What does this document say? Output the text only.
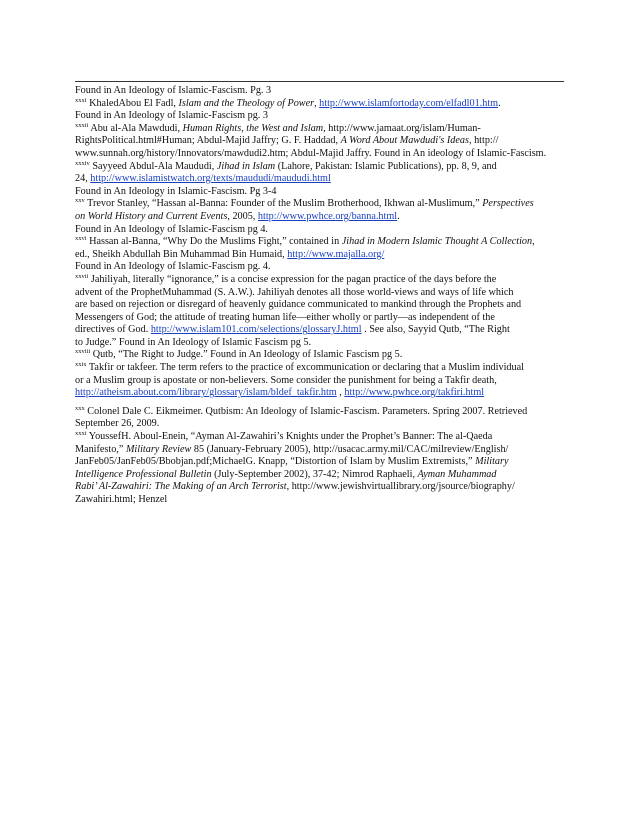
Found in An Ideology of Islamic-Fascism. Pg. 3

$^{xxxi}$ KhaledAbou El Fadl, Islam and the Theology of Power, http://www.islamfortoday.com/elfadl01.htm.

Found in An Ideology of Islamic-Fascism pg. 3

$^{xxxii}$ Abu al-Ala Mawdudi, Human Rights, the West and Islam, http://www.jamaat.org/islam/Human-
RightsPolitical.html#Human; Abdul-Majid Jaffry; G. F. Haddad, A Word About Mawdudi's Ideas, http://
www.sunnah.org/history/Innovators/mawdudi2.htm; Abdul-Majid Jaffry. Found in An ideology of Islamic-Fascism.

$^{xxxiv}$ Sayyeed Abdul-Ala Maududi, Jihad in Islam (Lahore, Pakistan: Islamic Publications), pp. 8, 9, and
24, http://www.islamistwatch.org/texts/maududi/maududi.html

Found in An Ideology in Islamic-Fascism. Pg 3-4

$^{xxv}$ Trevor Stanley, “Hassan al-Banna: Founder of the Muslim Brotherhood, Ikhwan al-Muslimum,” Perspectives
on World History and Current Events, 2005, http://www.pwhce.org/banna.html.

Found in An Ideology of Islamic-Fascism pg 4.

$^{xxvi}$ Hassan al-Banna, “Why Do the Muslims Fight,” contained in Jihad in Modern Islamic Thought A Collection,
ed., Sheikh Abdullah Bin Muhammad Bin Humaid, http://www.majalla.org/

Found in An Ideology of Islamic-Fascism pg. 4.

$^{xxvii}$ Jahiliyah, literally “ignorance,” is a concise expression for the pagan practice of the days before the
advent of the ProphetMuhammad (S. A.W.). Jahiliyah denotes all those world-views and ways of life which
are based on rejection or disregard of heavenly guidance communicated to mankind through the Prophets and
Messengers of God; the attitude of treating human life—either wholly or partly—as independent of the
directives of God. http://www.islam101.com/selections/glossaryJ.html . See also, Sayyid Qutb, “The Right
to Judge.” Found in An Ideology of Islamic Fascism pg 5.

$^{xxviii}$ Qutb, “The Right to Judge.” Found in An Ideology of Islamic Fascism pg 5.

$^{xxix}$ Takfir or takfeer. The term refers to the practice of excommunication or declaring that a Muslim individual
or a Muslim group is apostate or non-believers. Some consider the punishment for being a Takfir death,
http://atheism.about.com/library/glossary/islam/bldef_takfir.htm , http://www.pwhce.org/takfiri.html

$^{xxx}$ Colonel Dale C. Eikmeimer. Qutbism: An Ideology of Islamic-Fascism. Parameters. Spring 2007. Retrieved
September 26, 2009.

$^{xxxi}$ YoussefH. Aboul-Enein, “Ayman Al-Zawahiri’s Knights under the Prophet’s Banner: The al-Qaeda
Manifesto,” Military Review 85 (January-February 2005), http://usacac.army.mil/CAC/milreview/English/
JanFeb05/JanFeb05/Bbobjan.pdf;MichaelG. Knapp, “Distortion of Islam by Muslim Extremists,” Military
Intelligence Professional Bulletin (July-September 2002), 37-42; Nimrod Raphaeli, Ayman Muhammad
Rabi’ Al-Zawahiri: The Making of an Arch Terrorist, http://www.jewishvirtuallibrary.org/jsource/biography/
Zawahiri.html; Henzel
